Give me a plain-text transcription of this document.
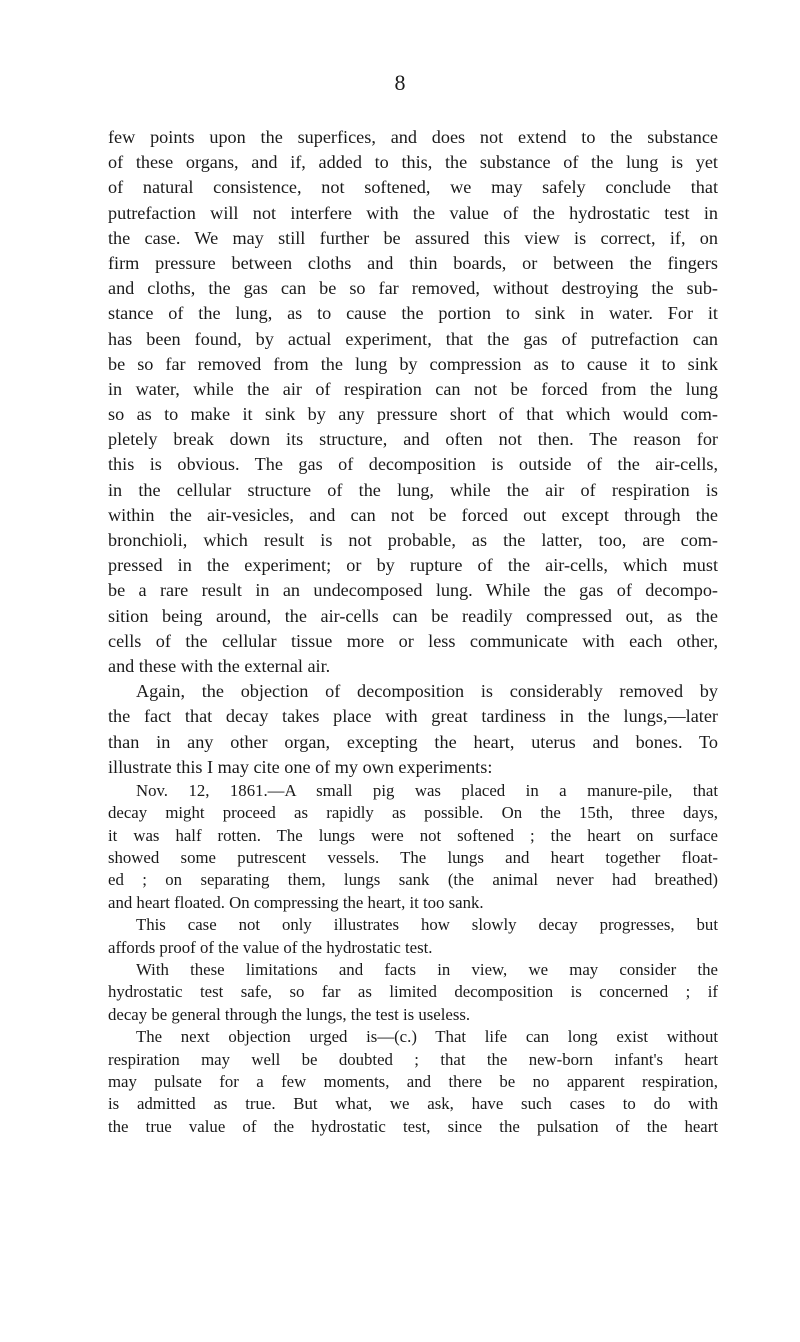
8
few points upon the superfices, and does not extend to the substance
of these organs, and if, added to this, the substance of the lung is yet
of natural consistence, not softened, we may safely conclude that
putrefaction will not interfere with the value of the hydrostatic test in
the case. We may still further be assured this view is correct, if, on
firm pressure between cloths and thin boards, or between the fingers
and cloths, the gas can be so far removed, without destroying the sub-
stance of the lung, as to cause the portion to sink in water. For it
has been found, by actual experiment, that the gas of putrefaction can
be so far removed from the lung by compression as to cause it to sink
in water, while the air of respiration can not be forced from the lung
so as to make it sink by any pressure short of that which would com-
pletely break down its structure, and often not then. The reason for
this is obvious. The gas of decomposition is outside of the air-cells,
in the cellular structure of the lung, while the air of respiration is
within the air-vesicles, and can not be forced out except through the
bronchioli, which result is not probable, as the latter, too, are com-
pressed in the experiment; or by rupture of the air-cells, which must
be a rare result in an undecomposed lung. While the gas of decompo-
sition being around, the air-cells can be readily compressed out, as the
cells of the cellular tissue more or less communicate with each other,
and these with the external air.
Again, the objection of decomposition is considerably removed by
the fact that decay takes place with great tardiness in the lungs,—later
than in any other organ, excepting the heart, uterus and bones. To
illustrate this I may cite one of my own experiments:
Nov. 12, 1861.—A small pig was placed in a manure-pile, that
decay might proceed as rapidly as possible. On the 15th, three days,
it was half rotten. The lungs were not softened ; the heart on surface
showed some putrescent vessels. The lungs and heart together float-
ed ; on separating them, lungs sank (the animal never had breathed)
and heart floated. On compressing the heart, it too sank.
This case not only illustrates how slowly decay progresses, but
affords proof of the value of the hydrostatic test.
With these limitations and facts in view, we may consider the
hydrostatic test safe, so far as limited decomposition is concerned ; if
decay be general through the lungs, the test is useless.
The next objection urged is—(c.) That life can long exist without
respiration may well be doubted ; that the new-born infant's heart
may pulsate for a few moments, and there be no apparent respiration,
is admitted as true. But what, we ask, have such cases to do with
the true value of the hydrostatic test, since the pulsation of the heart
